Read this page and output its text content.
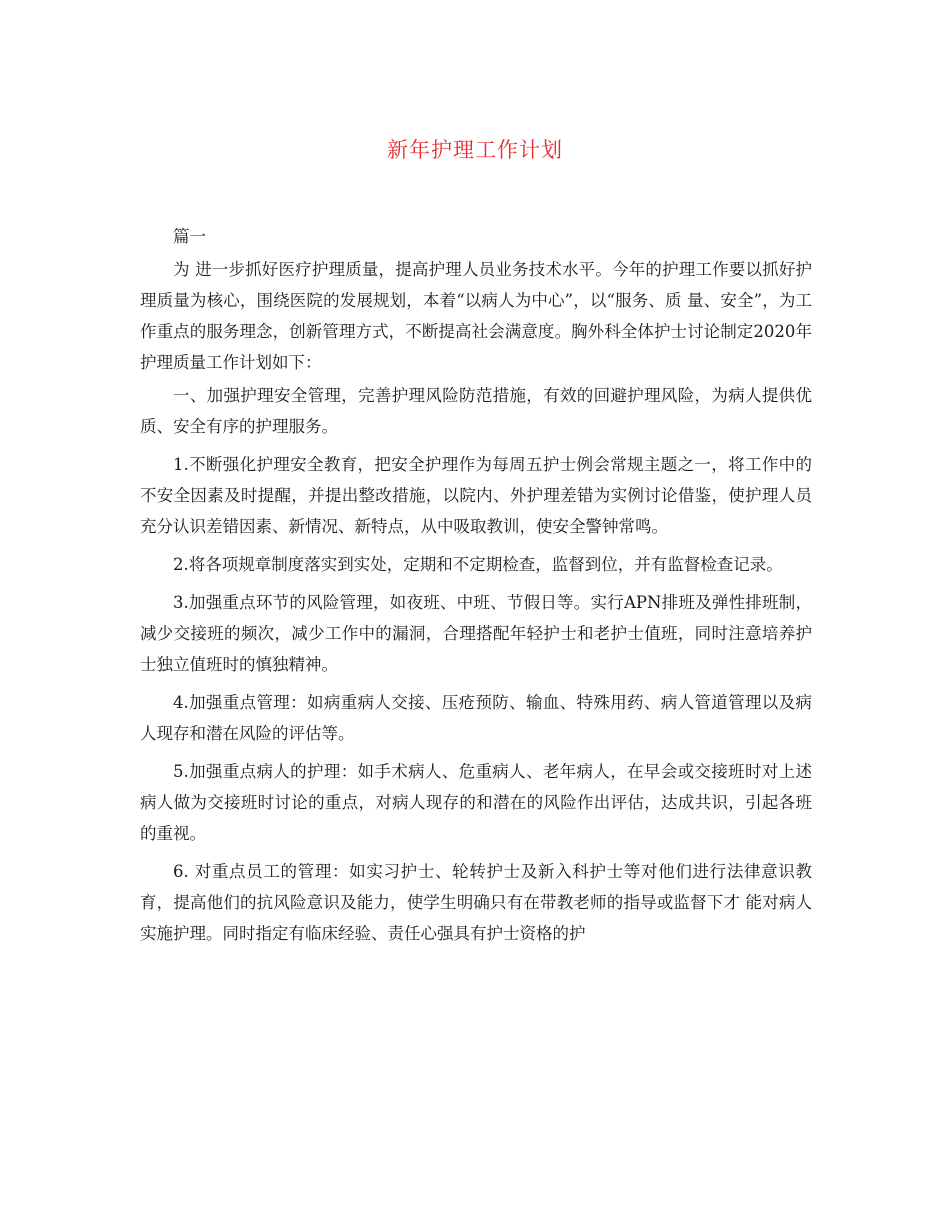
新年护理工作计划

篇一

为 进一步抓好医疗护理质量，提高护理人员业务技术水平。今年的护理工作要以抓好护理质量为核心，围绕医院的发展规划，本着“以病人为中心”，以“服务、质 量、安全”，为工作重点的服务理念，创新管理方式，不断提高社会满意度。胸外科全体护士讨论制定2020年护理质量工作计划如下：

一、加强护理安全管理，完善护理风险防范措施，有效的回避护理风险，为病人提供优质、安全有序的护理服务。

1.不断强化护理安全教育，把安全护理作为每周五护士例会常规主题之一，将工作中的不安全因素及时提醒，并提出整改措施，以院内、外护理差错为实例讨论借鉴，使护理人员充分认识差错因素、新情况、新特点，从中吸取教训，使安全警钟常鸣。

2.将各项规章制度落实到实处，定期和不定期检查，监督到位，并有监督检查记录。

3.加强重点环节的风险管理，如夜班、中班、节假日等。实行APN排班及弹性排班制，减少交接班的频次，减少工作中的漏洞，合理搭配年轻护士和老护士值班，同时注意培养护士独立值班时的慎独精神。

4.加强重点管理：如病重病人交接、压疮预防、输血、特殊用药、病人管道管理以及病人现存和潜在风险的评估等。

5.加强重点病人的护理：如手术病人、危重病人、老年病人，在早会或交接班时对上述病人做为交接班时讨论的重点，对病人现存的和潜在的风险作出评估，达成共识，引起各班的重视。

6. 对重点员工的管理：如实习护士、轮转护士及新入科护士等对他们进行法律意识教育，提高他们的抗风险意识及能力，使学生明确只有在带教老师的指导或监督下才 能对病人实施护理。同时指定有临床经验、责任心强具有护士资格的护
